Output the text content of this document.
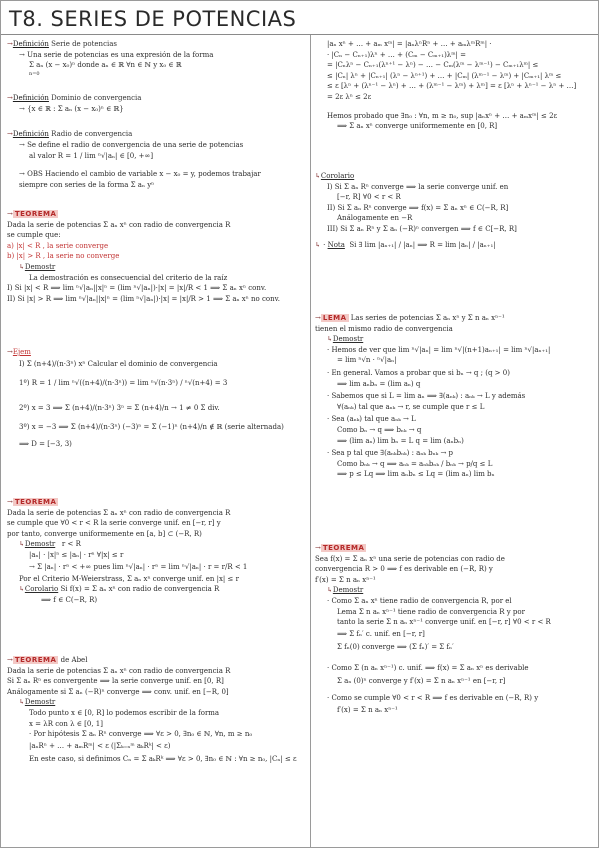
T8. SERIES DE POTENCIAS
→Definición Serie de potencias
→ Una serie de potencias es una expresión de la forma
Σ aₙ (x − x₀)ⁿ donde aₙ ∈ ℝ ∀n ∈ ℕ y x₀ ∈ ℝ
n=0
→Definición Dominio de convergencia
→ {x ∈ ℝ : Σ aₙ (x − x₀)ⁿ ∈ ℝ}
→Definición Radio de convergencia
→ Se define el radio de convergencia de una serie de potencias
al valor R = 1 / lim ⁿ√|aₙ| ∈ [0, +∞]
→ OBS Haciendo el cambio de variable x − x₀ = y, podemos trabajar
siempre con series de la forma Σ aₙ yⁿ
→ TEOREMA
Dada la serie de potencias Σ aₙ xⁿ con radio de convergencia R
se cumple que:
a) |x| < R , la serie converge
b) |x| > R , la serie no converge
↳Demostr
La demostración es consecuencial del criterio de la raíz
I) Si |x| < R ⟹ lim ⁿ√|aₙ||x|ⁿ = (lim ⁿ√|aₙ|)·|x| = |x|/R < 1 ⟹ Σ aₙ xⁿ conv.
II) Si |x| > R ⟹ lim ⁿ√|aₙ||x|ⁿ = (lim ⁿ√|aₙ|)·|x| = |x|/R > 1 ⟹ Σ aₙ xⁿ no conv.
→Ejem
I) Σ (n+4)/(n·3ⁿ) xⁿ Calcular el dominio de convergencia
1º) R = 1 / lim ⁿ√((n+4)/(n·3ⁿ)) = lim ⁿ√(n·3ⁿ) / ⁿ√(n+4) = 3
2º) x = 3 ⟹ Σ (n+4)/(n·3ⁿ) 3ⁿ = Σ (n+4)/n → 1 ≠ 0 Σ div.
3º) x = −3 ⟹ Σ (n+4)/(n·3ⁿ) (−3)ⁿ = Σ (−1)ⁿ (n+4)/n ∉ ℝ (serie alternada)
⟹ D = [−3, 3)
→ TEOREMA
Dada la serie de potencias Σ aₙ xⁿ con radio de convergencia R
se cumple que ∀0 < r < R la serie converge unif. en [−r, r] y
por tanto, converge uniformemente en [a, b] ⊂ (−R, R)
↳Demostr r < R
|aₙ| · |x|ⁿ ≤ |aₙ| · rⁿ ∀|x| ≤ r
→ Σ |aₙ| · rⁿ < +∞ pues lim ⁿ√|aₙ| · rⁿ = lim ⁿ√|aₙ| · r = r/R < 1
Por el Criterio M-Weierstrass, Σ aₙ xⁿ converge unif. en |x| ≤ r
↳Corolario Si f(x) = Σ aₙ xⁿ con radio de convergencia R
⟹ f ∈ C(−R, R)
→ TEOREMA de Abel
Dada la serie de potencias Σ aₙ xⁿ con radio de convergencia R
Si Σ aₙ Rⁿ es convergente ⟹ la serie converge unif. en [0, R]
Análogamente si Σ aₙ (−R)ⁿ converge ⟹ conv. unif. en [−R, 0]
↳Demostr
Todo punto x ∈ [0, R] lo podemos escribir de la forma
x = λR con λ ∈ [0, 1]
· Por hipótesis Σ aₙ Rⁿ converge ⟹ ∀ε > 0, ∃n₀ ∈ ℕ, ∀n, m ≥ n₀
|aₙRⁿ + … + aₘRᵐ| < ε (|Σₖ₌ₙᵐ aₖRᵏ| < ε)
En este caso, si definimos Cₙ = Σ aₖRᵏ ⟹ ∀ε > 0, ∃n₀ ∈ ℕ : ∀n ≥ n₀, |Cₙ| ≤ ε
|aₙ xⁿ + … + aₘ xᵐ| = |aₙλⁿRⁿ + … + aₘλᵐRᵐ| ·
· |Cₙ − Cₙ₊₁)λⁿ + … + (Cₘ − Cₘ₊₁)λᵐ| =
= |Cₙλⁿ − Cₙ₊₁(λⁿ⁺¹ − λⁿ) − … − Cₘ(λᵐ − λᵐ⁻¹) − Cₘ₊₁λᵐ| ≤
≤ |Cₙ| λⁿ + |Cₙ₊₁| (λⁿ − λⁿ⁺¹) + … + |Cₘ| (λᵐ⁻¹ − λᵐ) + |Cₘ₊₁| λᵐ ≤
≤ ε [λⁿ + (λⁿ⁻¹ − λⁿ) + … + (λᵐ⁻¹ − λᵐ) + λᵐ] = ε [λⁿ + λⁿ⁻¹ − λⁿ + …]
= 2ε λⁿ ≤ 2ε
Hemos probado que ∃n₀ : ∀n, m ≥ n₀, sup |aₙxⁿ + … + aₘxᵐ| ≤ 2ε
⟹ Σ aₙ xⁿ converge uniformemente en [0, R]
↳Corolario
I) Si Σ aₙ Rⁿ converge ⟹ la serie converge unif. en
[−r, R] ∀0 < r < R
II) Si Σ aₙ Rⁿ converge ⟹ f(x) = Σ aₙ xⁿ ∈ C(−R, R]
Análogamente en −R
III) Si Σ aₙ Rⁿ y Σ aₙ (−R)ⁿ convergen ⟹ f ∈ C[−R, R]
↳ · Nota Si ∃ lim |aₙ₊₁| / |aₙ| ⟹ R = lim |aₙ| / |aₙ₊₁|
→ LEMA Las series de potencias Σ aₙ xⁿ y Σ n aₙ xⁿ⁻¹
tienen el mismo radio de convergencia
↳Demostr
· Hemos de ver que lim ⁿ√|aₙ| = lim ⁿ√|(n+1)aₙ₊₁| = lim ⁿ√|aₙ₊₁|
= lim ⁿ√n · ⁿ√|aₙ|
· En general. Vamos a probar que si bₙ → q ; (q > 0)
⟹ lim aₙbₙ = (lim aₙ) q
· Sabemos que si L = lim aₙ ⟹ ∃(aₙₖ) : aₙₖ → L y además
∀(aₙₖ) tal que aₙₖ → r, se cumple que r ≤ L
· Sea (aₙₖ) tal que aₙₖ → L
Como bₙ → q ⟹ bₙₖ → q
⟹ (lim aₙ) lim bₙ = L q = lim (aₙbₙ)
· Sea p tal que ∃(aₙₖbₙₖ) : aₙₖ bₙₖ → p
Como bₙₖ → q ⟹ aₙₖ = aₙₖbₙₖ / bₙₖ → p/q ≤ L
⟹ p ≤ Lq ⟹ lim aₙbₙ ≤ Lq = (lim aₙ) lim bₙ
→ TEOREMA
Sea f(x) = Σ aₙ xⁿ una serie de potencias con radio de
convergencia R > 0 ⟹ f es derivable en (−R, R) y
f′(x) = Σ n aₙ xⁿ⁻¹
↳Demostr
· Como Σ aₙ xⁿ tiene radio de convergencia R, por el
Lema Σ n aₙ xⁿ⁻¹ tiene radio de convergencia R y por
tanto la serie Σ n aₙ xⁿ⁻¹ converge unif. en [−r, r] ∀0 < r < R
⟹ Σ fₙ′ c. unif. en [−r, r]
Σ fₙ(0) converge ⟹ (Σ fₙ)′ = Σ fₙ′
· Como Σ (n aₙ xⁿ⁻¹) c. unif. ⟹ f(x) = Σ aₙ xⁿ es derivable
Σ aₙ (0)ⁿ converge y f′(x) = Σ n aₙ xⁿ⁻¹ en [−r, r]
· Como se cumple ∀0 < r < R ⟹ f es derivable en (−R, R) y
f′(x) = Σ n aₙ xⁿ⁻¹
